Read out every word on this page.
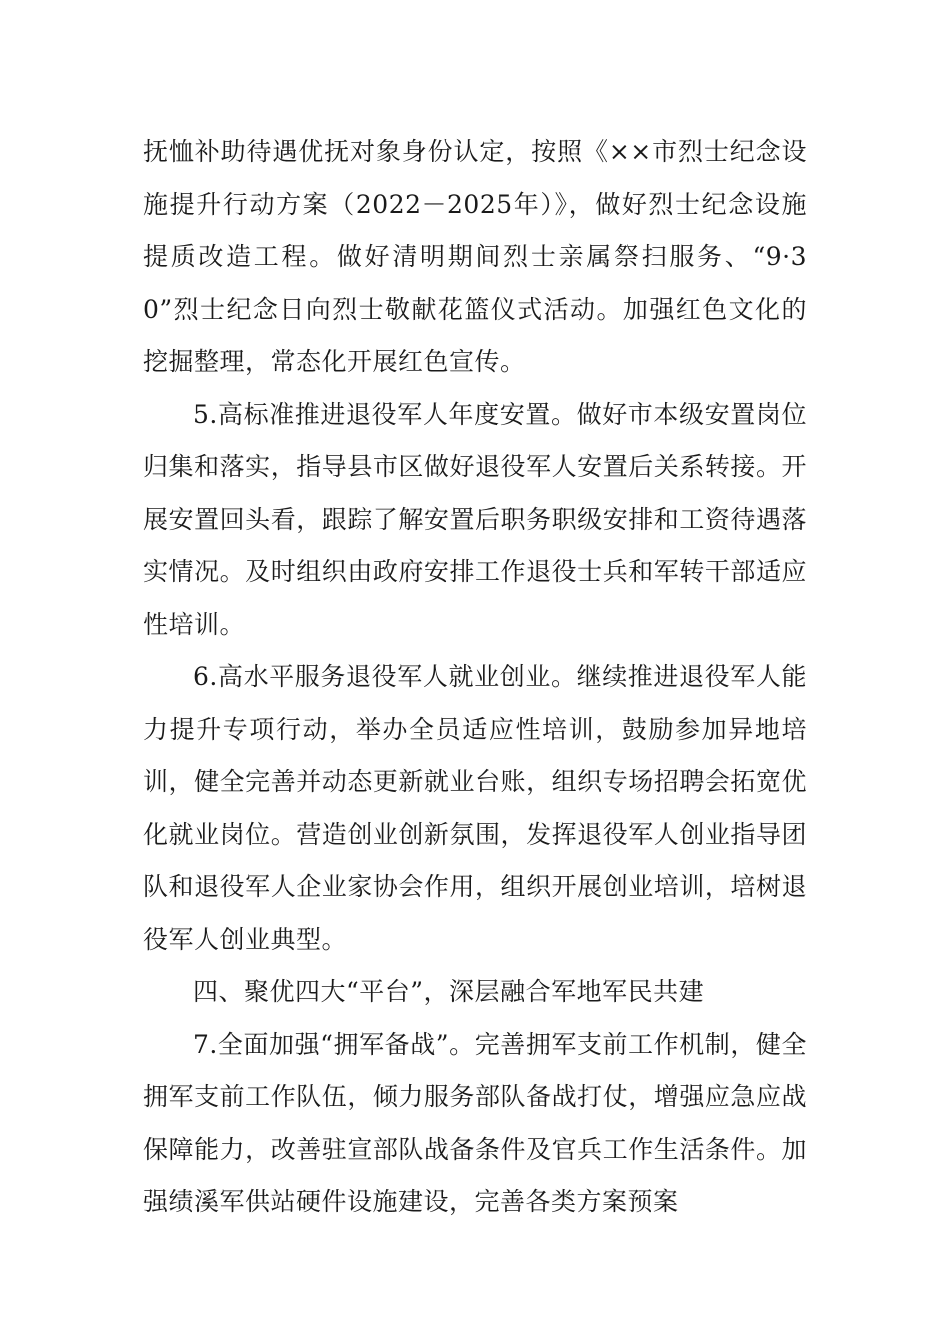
抚恤补助待遇优抚对象身份认定，按照《××市烈士纪念设施提升行动方案（2022－2025年）》，做好烈士纪念设施提质改造工程。做好清明期间烈士亲属祭扫服务、“9·30”烈士纪念日向烈士敬献花篮仪式活动。加强红色文化的挖掘整理，常态化开展红色宣传。

5.高标准推进退役军人年度安置。做好市本级安置岗位归集和落实，指导县市区做好退役军人安置后关系转接。开展安置回头看，跟踪了解安置后职务职级安排和工资待遇落实情况。及时组织由政府安排工作退役士兵和军转干部适应性培训。

6.高水平服务退役军人就业创业。继续推进退役军人能力提升专项行动，举办全员适应性培训，鼓励参加异地培训，健全完善并动态更新就业台账，组织专场招聘会拓宽优化就业岗位。营造创业创新氛围，发挥退役军人创业指导团队和退役军人企业家协会作用，组织开展创业培训，培树退役军人创业典型。

四、聚优四大“平台”，深层融合军地军民共建

7.全面加强“拥军备战”。完善拥军支前工作机制，健全拥军支前工作队伍，倾力服务部队备战打仗，增强应急应战保障能力，改善驻宣部队战备条件及官兵工作生活条件。加强绩溪军供站硬件设施建设，完善各类方案预案
